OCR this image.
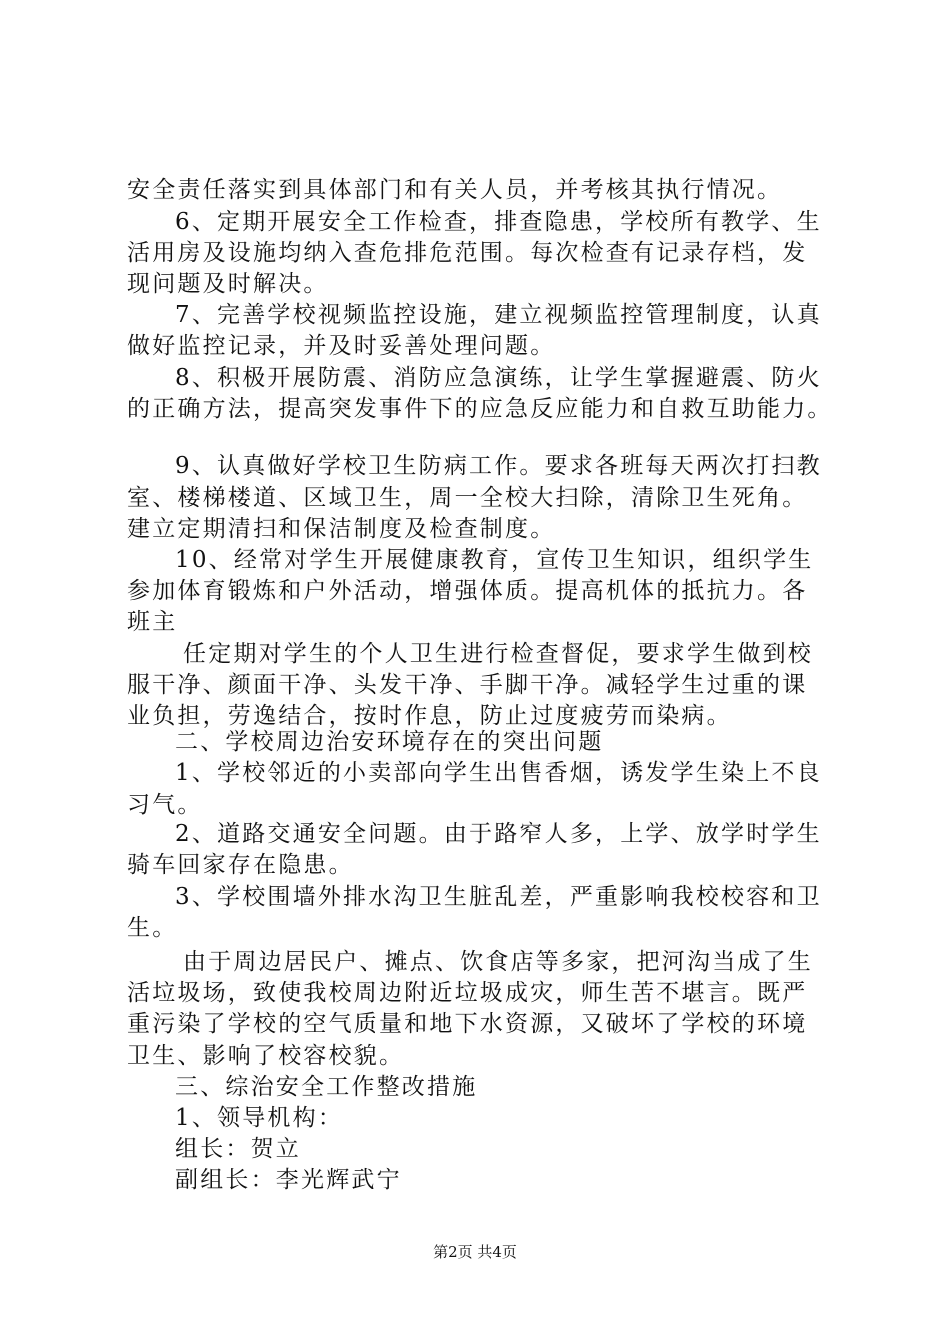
安全责任落实到具体部门和有关人员，并考核其执行情况。
6、定期开展安全工作检查，排查隐患，学校所有教学、生
活用房及设施均纳入查危排危范围。每次检查有记录存档，发
现问题及时解决。
7、完善学校视频监控设施，建立视频监控管理制度，认真
做好监控记录，并及时妥善处理问题。
8、积极开展防震、消防应急演练，让学生掌握避震、防火
的正确方法，提高突发事件下的应急反应能力和自救互助能力。
9、认真做好学校卫生防病工作。要求各班每天两次打扫教
室、楼梯楼道、区域卫生，周一全校大扫除，清除卫生死角。
建立定期清扫和保洁制度及检查制度。
10、经常对学生开展健康教育，宣传卫生知识，组织学生
参加体育锻炼和户外活动，增强体质。提高机体的抵抗力。各
班主
任定期对学生的个人卫生进行检查督促，要求学生做到校
服干净、颜面干净、头发干净、手脚干净。减轻学生过重的课
业负担，劳逸结合，按时作息，防止过度疲劳而染病。
二、学校周边治安环境存在的突出问题
1、学校邻近的小卖部向学生出售香烟，诱发学生染上不良
习气。
2、道路交通安全问题。由于路窄人多，上学、放学时学生
骑车回家存在隐患。
3、学校围墙外排水沟卫生脏乱差，严重影响我校校容和卫
生。
由于周边居民户、摊点、饮食店等多家，把河沟当成了生
活垃圾场，致使我校周边附近垃圾成灾，师生苦不堪言。既严
重污染了学校的空气质量和地下水资源，又破坏了学校的环境
卫生、影响了校容校貌。
三、综治安全工作整改措施
1、领导机构：
组长：贺立
副组长：李光辉武宁
第2页 共4页
